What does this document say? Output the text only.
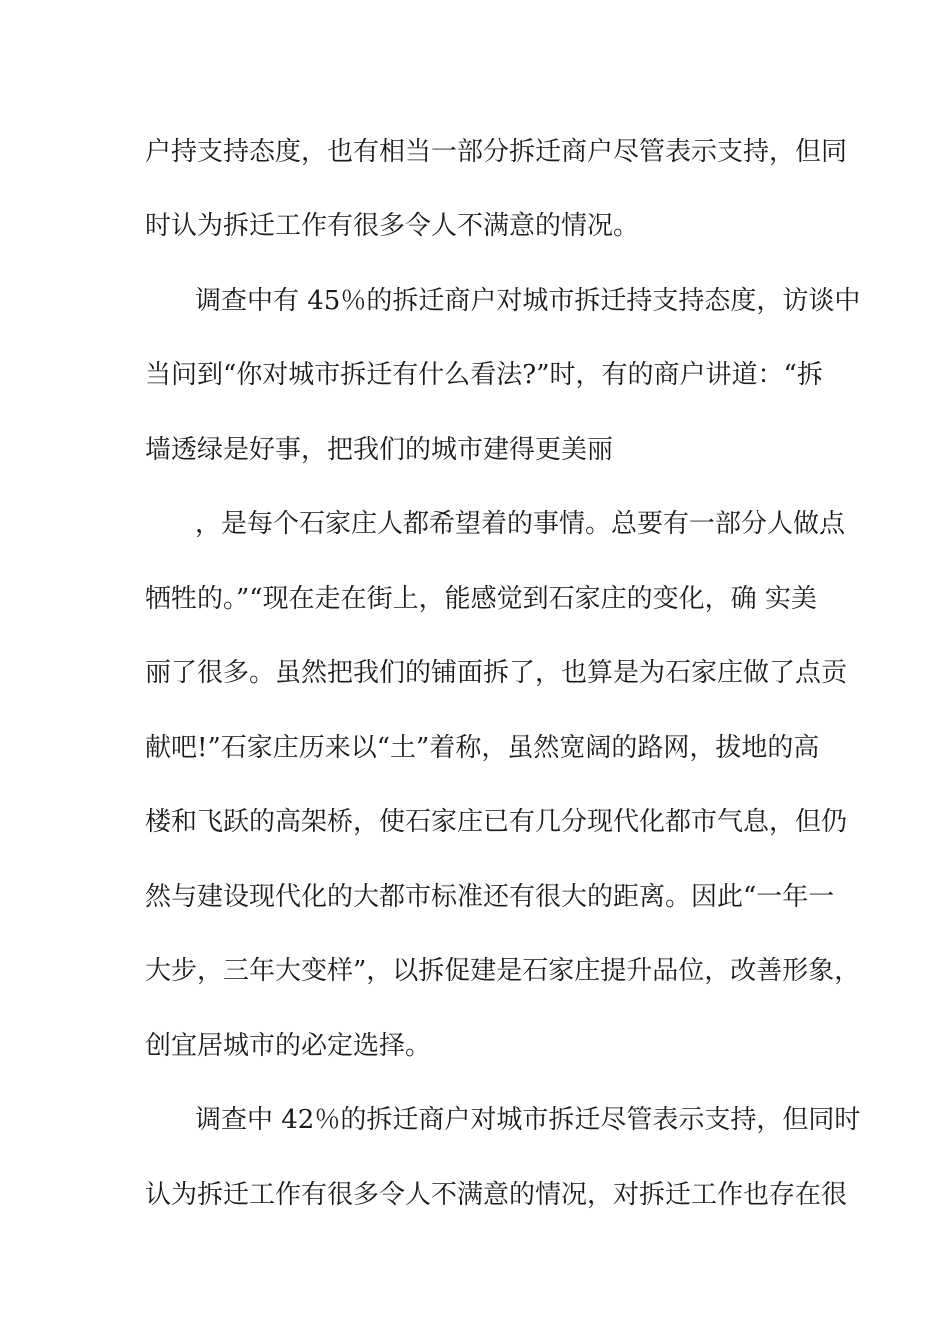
户持支持态度，也有相当一部分拆迁商户尽管表示支持，但同

时认为拆迁工作有很多令人不满意的情况。

调查中有 45％的拆迁商户对城市拆迁持支持态度，访谈中

当问到“你对城市拆迁有什么看法?”时，有的商户讲道：“拆

墙透绿是好事，把我们的城市建得更美丽

，是每个石家庄人都希望着的事情。总要有一部分人做点

牺牲的。”“现在走在街上，能感觉到石家庄的变化，确 实美

丽了很多。虽然把我们的铺面拆了，也算是为石家庄做了点贡

献吧!”石家庄历来以“土”着称，虽然宽阔的路网，拔地的高

楼和飞跃的高架桥，使石家庄已有几分现代化都市气息，但仍

然与建设现代化的大都市标准还有很大的距离。因此“一年一

大步，三年大变样”，以拆促建是石家庄提升品位，改善形象，

创宜居城市的必定选择。

调查中 42％的拆迁商户对城市拆迁尽管表示支持，但同时

认为拆迁工作有很多令人不满意的情况，对拆迁工作也存在很
